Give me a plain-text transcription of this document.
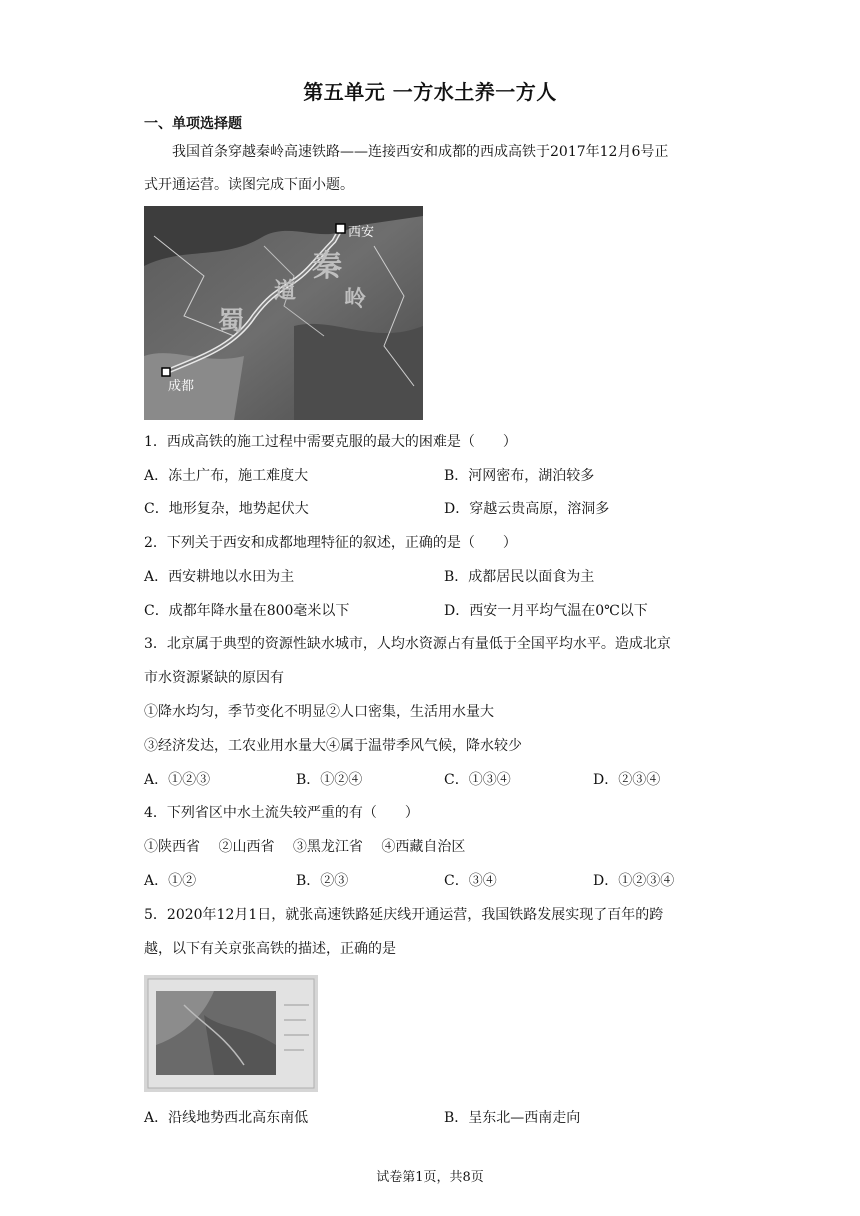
第五单元 一方水土养一方人
一、单项选择题
我国首条穿越秦岭高速铁路——连接西安和成都的西成高铁于2017年12月6号正
式开通运营。读图完成下面小题。
西安
成都
秦
岭
蜀
道
1．西成高铁的施工过程中需要克服的最大的困难是（　　）
A．冻土广布，施工难度大	B．河网密布，湖泊较多
C．地形复杂，地势起伏大	D．穿越云贵高原，溶洞多
2．下列关于西安和成都地理特征的叙述，正确的是（　　）
A．西安耕地以水田为主	B．成都居民以面食为主
C．成都年降水量在800毫米以下	D．西安一月平均气温在0℃以下
3．北京属于典型的资源性缺水城市，人均水资源占有量低于全国平均水平。造成北京
市水资源紧缺的原因有
①降水均匀，季节变化不明显②人口密集，生活用水量大
③经济发达，工农业用水量大④属于温带季风气候，降水较少
A．①②③	B．①②④	C．①③④	D．②③④
4．下列省区中水土流失较严重的有（　　）
①陕西省　 ②山西省　 ③黑龙江省　 ④西藏自治区
A．①②	B．②③	C．③④	D．①②③④
5．2020年12月1日，就张高速铁路延庆线开通运营，我国铁路发展实现了百年的跨
越，以下有关京张高铁的描述，正确的是
A．沿线地势西北高东南低	B．呈东北—西南走向
试卷第1页，共8页
